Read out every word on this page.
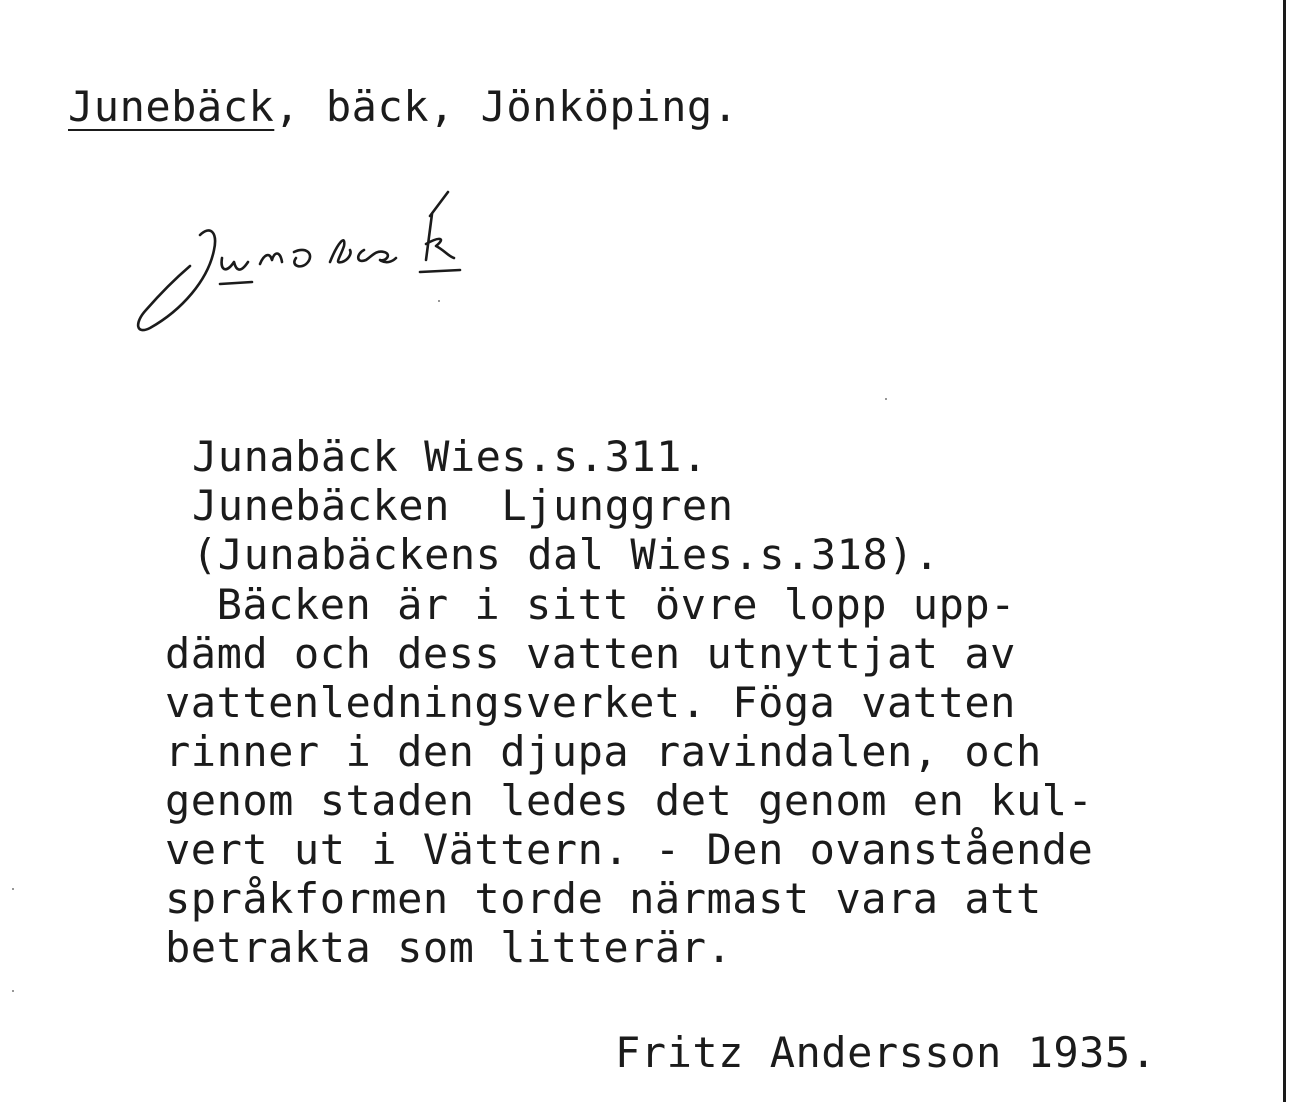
Junebäck, bäck, Jönköping.

Junabäck Wies.s.311.
Junebäcken  Ljunggren
(Junabäckens dal Wies.s.318).
Bäcken är i sitt övre lopp upp-
dämd och dess vatten utnyttjat av
vattenledningsverket. Föga vatten
rinner i den djupa ravindalen, och
genom staden ledes det genom en kul-
vert ut i Vättern. - Den ovanstående
språkformen torde närmast vara att
betrakta som litterär.

Fritz Andersson 1935.
